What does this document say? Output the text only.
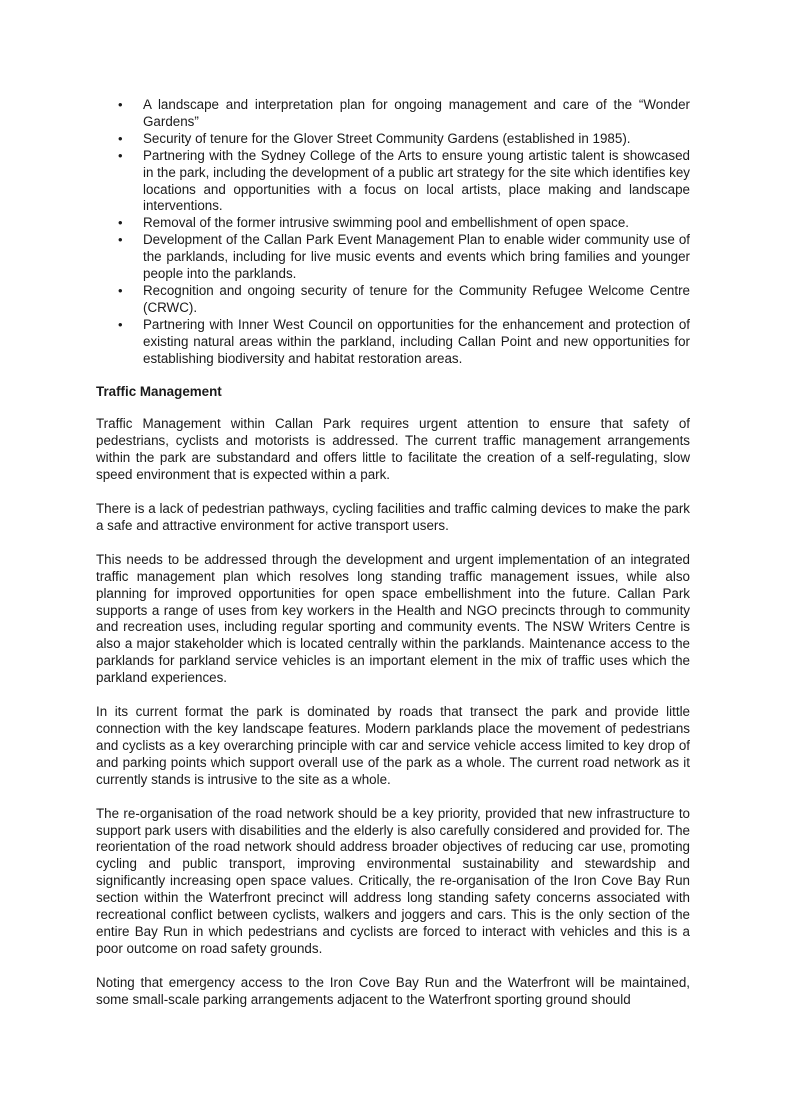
• A landscape and interpretation plan for ongoing management and care of the “Wonder Gardens”
• Security of tenure for the Glover Street Community Gardens (established in 1985).
• Partnering with the Sydney College of the Arts to ensure young artistic talent is showcased in the park, including the development of a public art strategy for the site which identifies key locations and opportunities with a focus on local artists, place making and landscape interventions.
• Removal of the former intrusive swimming pool and embellishment of open space.
• Development of the Callan Park Event Management Plan to enable wider community use of the parklands, including for live music events and events which bring families and younger people into the parklands.
• Recognition and ongoing security of tenure for the Community Refugee Welcome Centre (CRWC).
• Partnering with Inner West Council on opportunities for the enhancement and protection of existing natural areas within the parkland, including Callan Point and new opportunities for establishing biodiversity and habitat restoration areas.
Traffic Management

Traffic Management within Callan Park requires urgent attention to ensure that safety of pedestrians, cyclists and motorists is addressed. The current traffic management arrangements within the park are substandard and offers little to facilitate the creation of a self-regulating, slow speed environment that is expected within a park.

There is a lack of pedestrian pathways, cycling facilities and traffic calming devices to make the park a safe and attractive environment for active transport users.

This needs to be addressed through the development and urgent implementation of an integrated traffic management plan which resolves long standing traffic management issues, while also planning for improved opportunities for open space embellishment into the future. Callan Park supports a range of uses from key workers in the Health and NGO precincts through to community and recreation uses, including regular sporting and community events. The NSW Writers Centre is also a major stakeholder which is located centrally within the parklands. Maintenance access to the parklands for parkland service vehicles is an important element in the mix of traffic uses which the parkland experiences.

In its current format the park is dominated by roads that transect the park and provide little connection with the key landscape features. Modern parklands place the movement of pedestrians and cyclists as a key overarching principle with car and service vehicle access limited to key drop of and parking points which support overall use of the park as a whole. The current road network as it currently stands is intrusive to the site as a whole.

The re-organisation of the road network should be a key priority, provided that new infrastructure to support park users with disabilities and the elderly is also carefully considered and provided for. The reorientation of the road network should address broader objectives of reducing car use, promoting cycling and public transport, improving environmental sustainability and stewardship and significantly increasing open space values. Critically, the re-organisation of the Iron Cove Bay Run section within the Waterfront precinct will address long standing safety concerns associated with recreational conflict between cyclists, walkers and joggers and cars. This is the only section of the entire Bay Run in which pedestrians and cyclists are forced to interact with vehicles and this is a poor outcome on road safety grounds.

Noting that emergency access to the Iron Cove Bay Run and the Waterfront will be maintained, some small-scale parking arrangements adjacent to the Waterfront sporting ground should
